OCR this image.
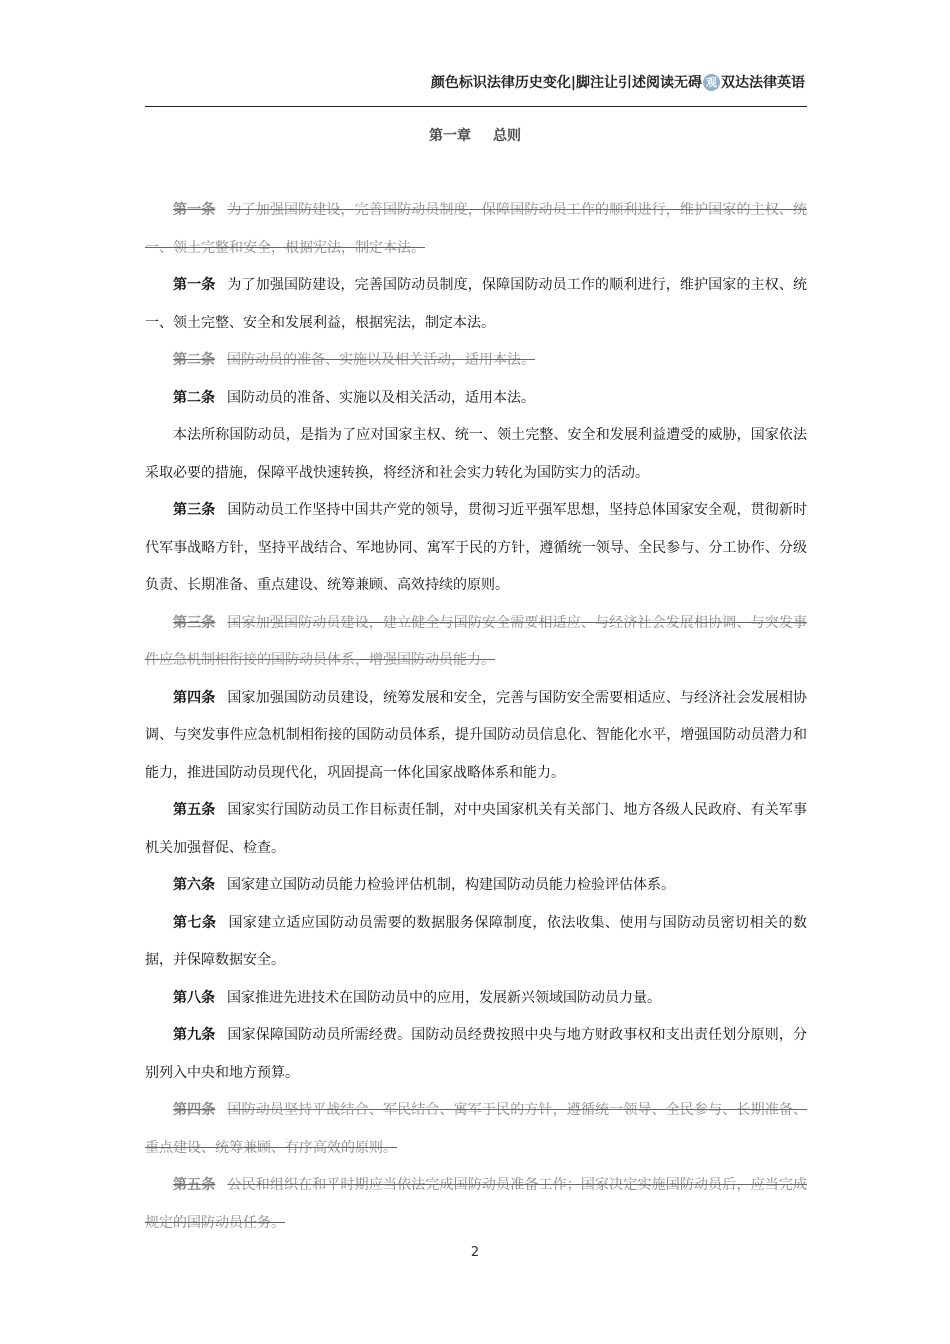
颜色标识法律历史变化|脚注让引述阅读无碍 观 双达法律英语
第一章 总则
第一条 为了加强国防建设，完善国防动员制度，保障国防动员工作的顺利进行，维护国家的主权、统一、领土完整和安全，根据宪法，制定本法。
第一条 为了加强国防建设，完善国防动员制度，保障国防动员工作的顺利进行，维护国家的主权、统一、领土完整、安全和发展利益，根据宪法，制定本法。
第二条 国防动员的准备、实施以及相关活动，适用本法。
第二条 国防动员的准备、实施以及相关活动，适用本法。
本法所称国防动员，是指为了应对国家主权、统一、领土完整、安全和发展利益遭受的威胁，国家依法采取必要的措施，保障平战快速转换，将经济和社会实力转化为国防实力的活动。
第三条 国防动员工作坚持中国共产党的领导，贯彻习近平强军思想，坚持总体国家安全观，贯彻新时代军事战略方针，坚持平战结合、军地协同、寓军于民的方针，遵循统一领导、全民参与、分工协作、分级负责、长期准备、重点建设、统筹兼顾、高效持续的原则。
第三条 国家加强国防动员建设，建立健全与国防安全需要相适应、与经济社会发展相协调、与突发事件应急机制相衔接的国防动员体系，增强国防动员能力。
第四条 国家加强国防动员建设，统筹发展和安全，完善与国防安全需要相适应、与经济社会发展相协调、与突发事件应急机制相衔接的国防动员体系，提升国防动员信息化、智能化水平，增强国防动员潜力和能力，推进国防动员现代化，巩固提高一体化国家战略体系和能力。
第五条 国家实行国防动员工作目标责任制，对中央国家机关有关部门、地方各级人民政府、有关军事机关加强督促、检查。
第六条 国家建立国防动员能力检验评估机制，构建国防动员能力检验评估体系。
第七条 国家建立适应国防动员需要的数据服务保障制度，依法收集、使用与国防动员密切相关的数据，并保障数据安全。
第八条 国家推进先进技术在国防动员中的应用，发展新兴领域国防动员力量。
第九条 国家保障国防动员所需经费。国防动员经费按照中央与地方财政事权和支出责任划分原则，分别列入中央和地方预算。
第四条 国防动员坚持平战结合、军民结合、寓军于民的方针，遵循统一领导、全民参与、长期准备、重点建设、统筹兼顾、有序高效的原则。
第五条 公民和组织在和平时期应当依法完成国防动员准备工作；国家决定实施国防动员后，应当完成规定的国防动员任务。
2
